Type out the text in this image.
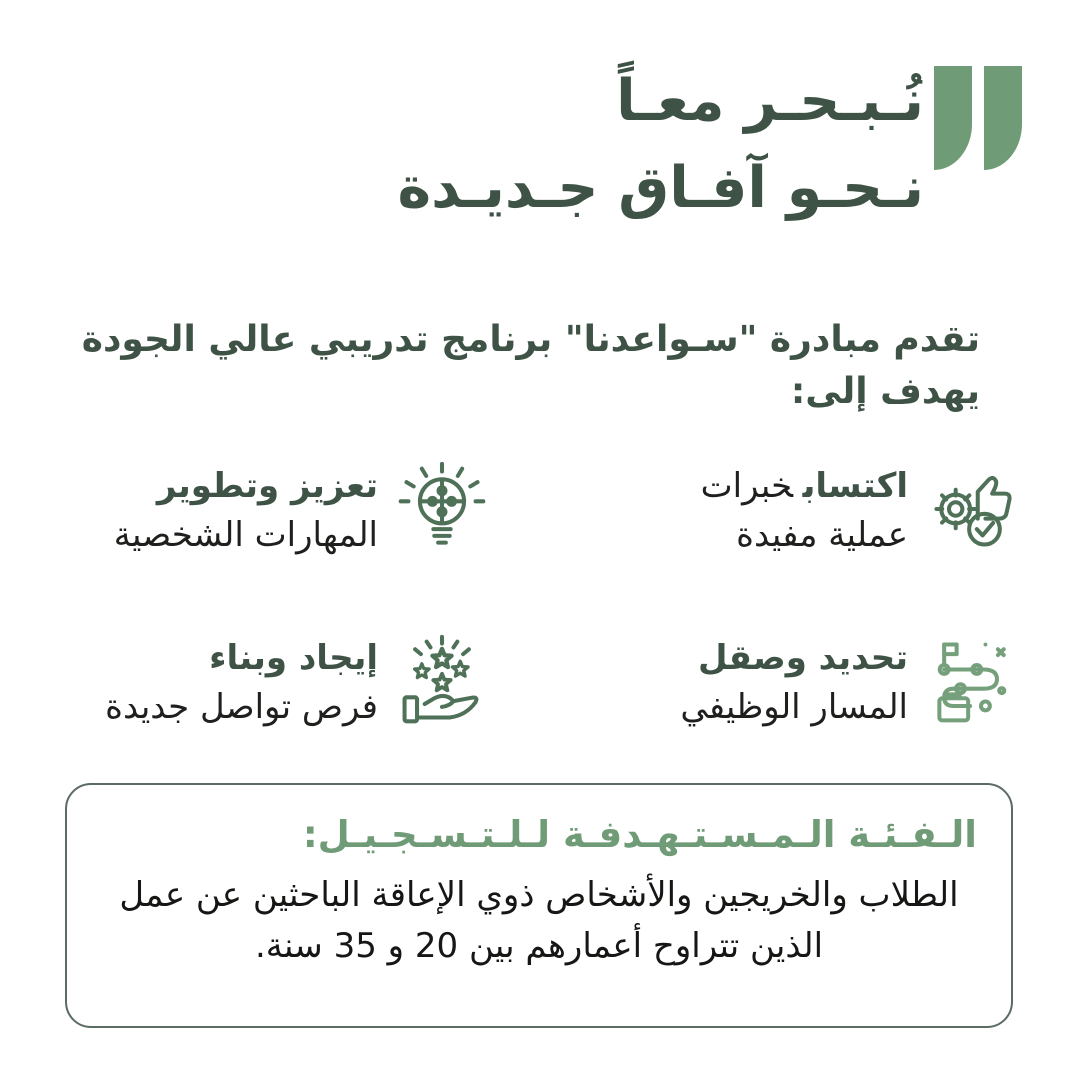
نُـبـحـر معـاً
نـحـو آفـاق جـديـدة
تقدم مبادرة "سـواعدنا" برنامج تدريبي عالي الجودة
يهدف إلى:
اكتسابخبرات
عملية مفيدة
تعزيز وتطوير
المهارات الشخصية
تحديد وصقل
المسار الوظيفي
إيجاد وبناء
فرص تواصل جديدة
الـفـئـة الـمـسـتـهـدفـة لـلـتـسـجـيـل:
الطلاب والخريجين والأشخاص ذوي الإعاقة الباحثين عن عمل
الذين تتراوح أعمارهم بين 20 و 35 سنة.
